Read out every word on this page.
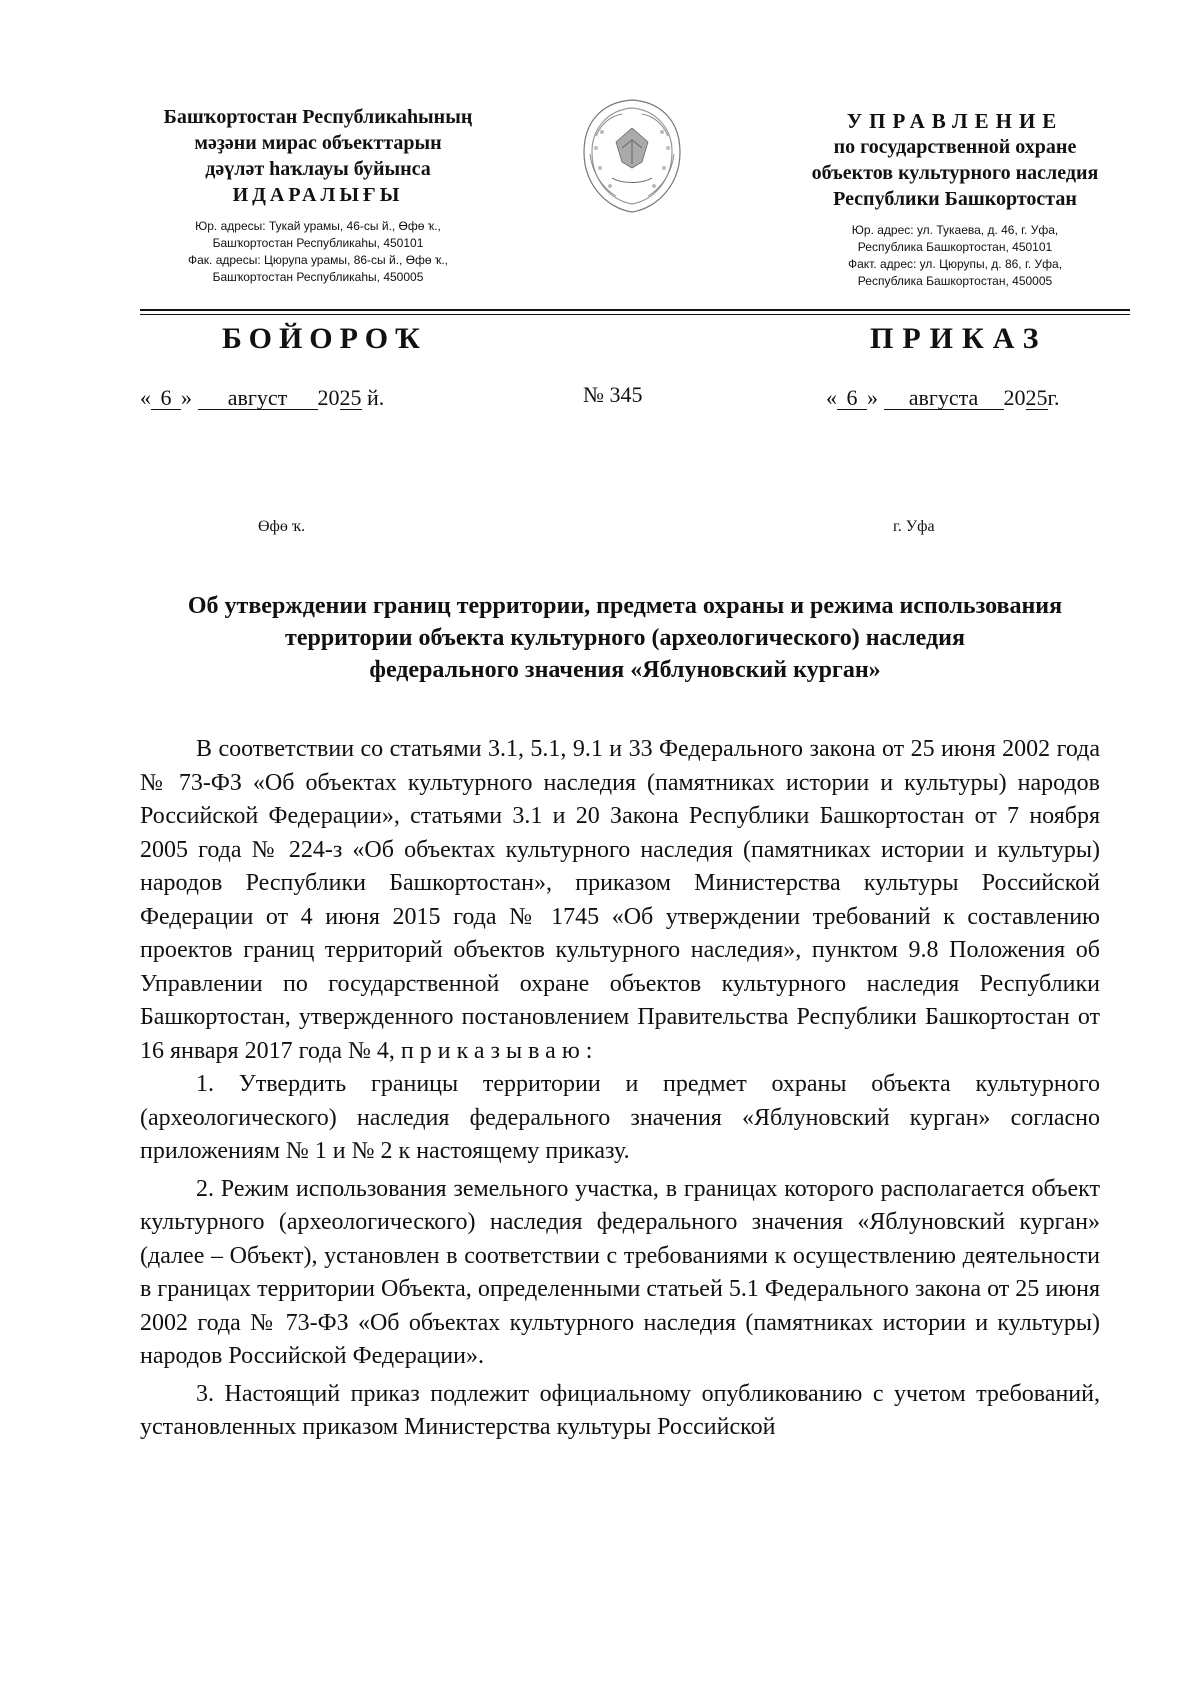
Башҡортостан Республикаһының
мәҙәни мирас объекттарын
дәүләт һаҡлауы буйынса
ИДАРАЛЫҒЫ
Юр. адресы: Тукай урамы, 46-сы й., Өфө ҡ.,
Башҡортостан Республикаһы, 450101
Фак. адресы: Цюрупа урамы, 86-сы й., Өфө ҡ.,
Башҡортостан Республикаһы, 450005
УПРАВЛЕНИЕ
по государственной охране
объектов культурного наследия
Республики Башкортостан
Юр. адрес: ул. Тукаева, д. 46, г. Уфа,
Республика Башкортостан, 450101
Факт. адрес: ул. Цюрупы, д. 86, г. Уфа,
Республика Башкортостан, 450005
БОЙОРОҠ	ПРИКАЗ
« 6 » август 2025 й.	№ 345	« 6 » августа 2025г.
Өфө ҡ.	г. Уфа
Об утверждении границ территории, предмета охраны и режима использования
территории объекта культурного (археологического) наследия
федерального значения «Яблуновский курган»

В соответствии со статьями 3.1, 5.1, 9.1 и 33 Федерального закона от 25 июня 2002 года № 73-ФЗ «Об объектах культурного наследия (памятниках истории и культуры) народов Российской Федерации», статьями 3.1 и 20 Закона Республики Башкортостан от 7 ноября 2005 года № 224-з «Об объектах культурного наследия (памятниках истории и культуры) народов Республики Башкортостан», приказом Министерства культуры Российской Федерации от 4 июня 2015 года № 1745 «Об утверждении требований к составлению проектов границ территорий объектов культурного наследия», пунктом 9.8 Положения об Управлении по государственной охране объектов культурного наследия Республики Башкортостан, утвержденного постановлением Правительства Республики Башкортостан от 16 января 2017 года № 4, приказываю:

1. Утвердить границы территории и предмет охраны объекта культурного (археологического) наследия федерального значения «Яблуновский курган» согласно приложениям № 1 и № 2 к настоящему приказу.

2. Режим использования земельного участка, в границах которого располагается объект культурного (археологического) наследия федерального значения «Яблуновский курган» (далее – Объект), установлен в соответствии с требованиями к осуществлению деятельности в границах территории Объекта, определенными статьей 5.1 Федерального закона от 25 июня 2002 года № 73-ФЗ «Об объектах культурного наследия (памятниках истории и культуры) народов Российской Федерации».

3. Настоящий приказ подлежит официальному опубликованию с учетом требований, установленных приказом Министерства культуры Российской
